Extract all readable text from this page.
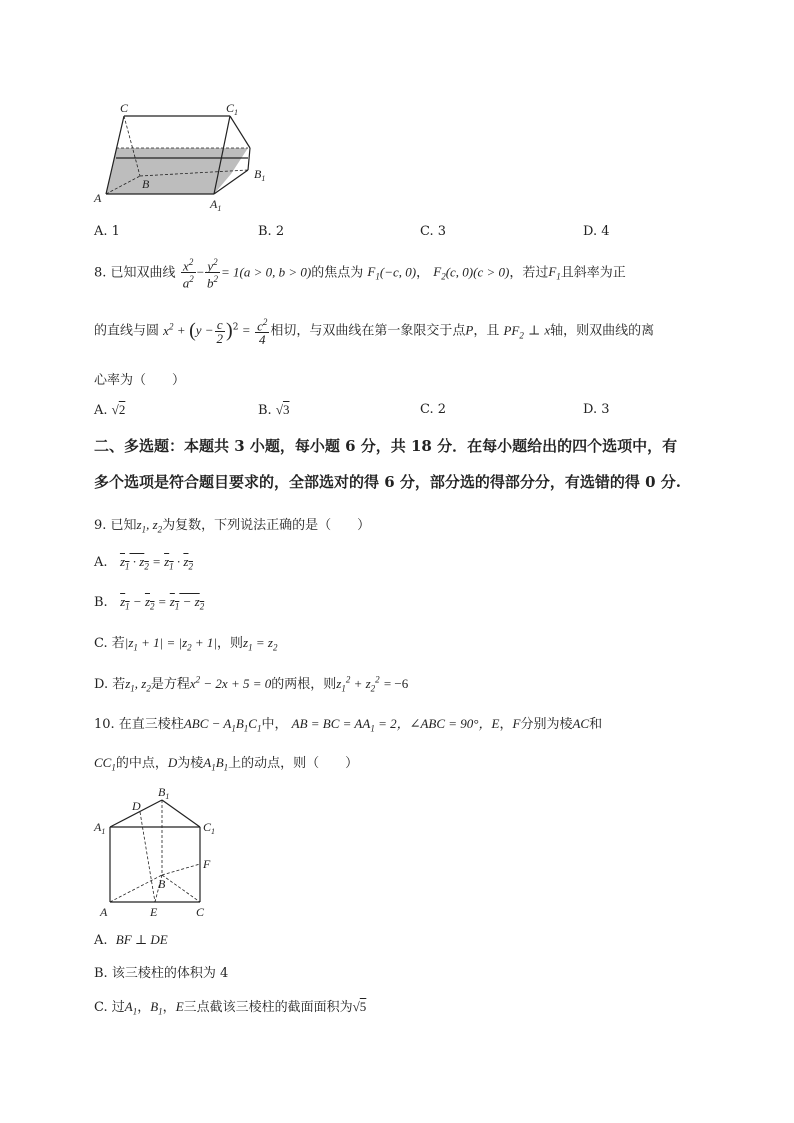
C	$C_1$
B
$B_1$
A	$A_1$
A. 1	B. 2	C. 3	D. 4
8. 已知双曲线 $\frac{x^2}{a^2} - \frac{y^2}{b^2} = 1(a > 0$, b > 0)的焦点为 $F_1(-c$, 0)， $F_2(c$, 0)(c > 0)，若过$F_1$且斜率为正
的直线与圆 $x^2 + (y - \frac{c}{2} )^2 = \frac{c^2}{4}$ 相切，与双曲线在第一象限交于点P，且 $PF_2$ ⊥ x轴，则双曲线的离
心率为（　　）
A. √2	B. √3	C. 2	D. 3
二、多选题：本题共 3 小题，每小题 6 分，共 18 分．在每小题给出的四个选项中，有
多个选项是符合题目要求的，全部选对的得 6 分，部分选的得部分分，有选错的得 0 分.
9. 已知$z_1$, $z_2$为复数，下列说法正确的是（　　）
A. $z_1 \cdot z_2 = z_1 \cdot z_2$
B. $z_1 - z_2 = z_1 - z_2$
C. 若$|z_1 + 1| = |z_2 + 1|$，则$z_1 = z_2$
D. 若$z_1$, $z_2$是方程$x^2 - 2x + 5 = 0$的两根，则$z_1^2 + z_2^2 = -6$
10. 在直三棱柱ABC − $A_1B_1C_1$中， AB = BC = $AA_1 = 2$，∠ABC = 90°，E，F分别为棱AC和
$CC_1$的中点，D为棱$A_1B_1$上的动点，则（　　）
$B_1$
D
$A_1$	$C_1$
F
B
A	E	C
A. BF ⊥ DE
B. 该三棱柱的体积为 4
C. 过$A_1$，$B_1$，E三点截该三棱柱的截面面积为√5
